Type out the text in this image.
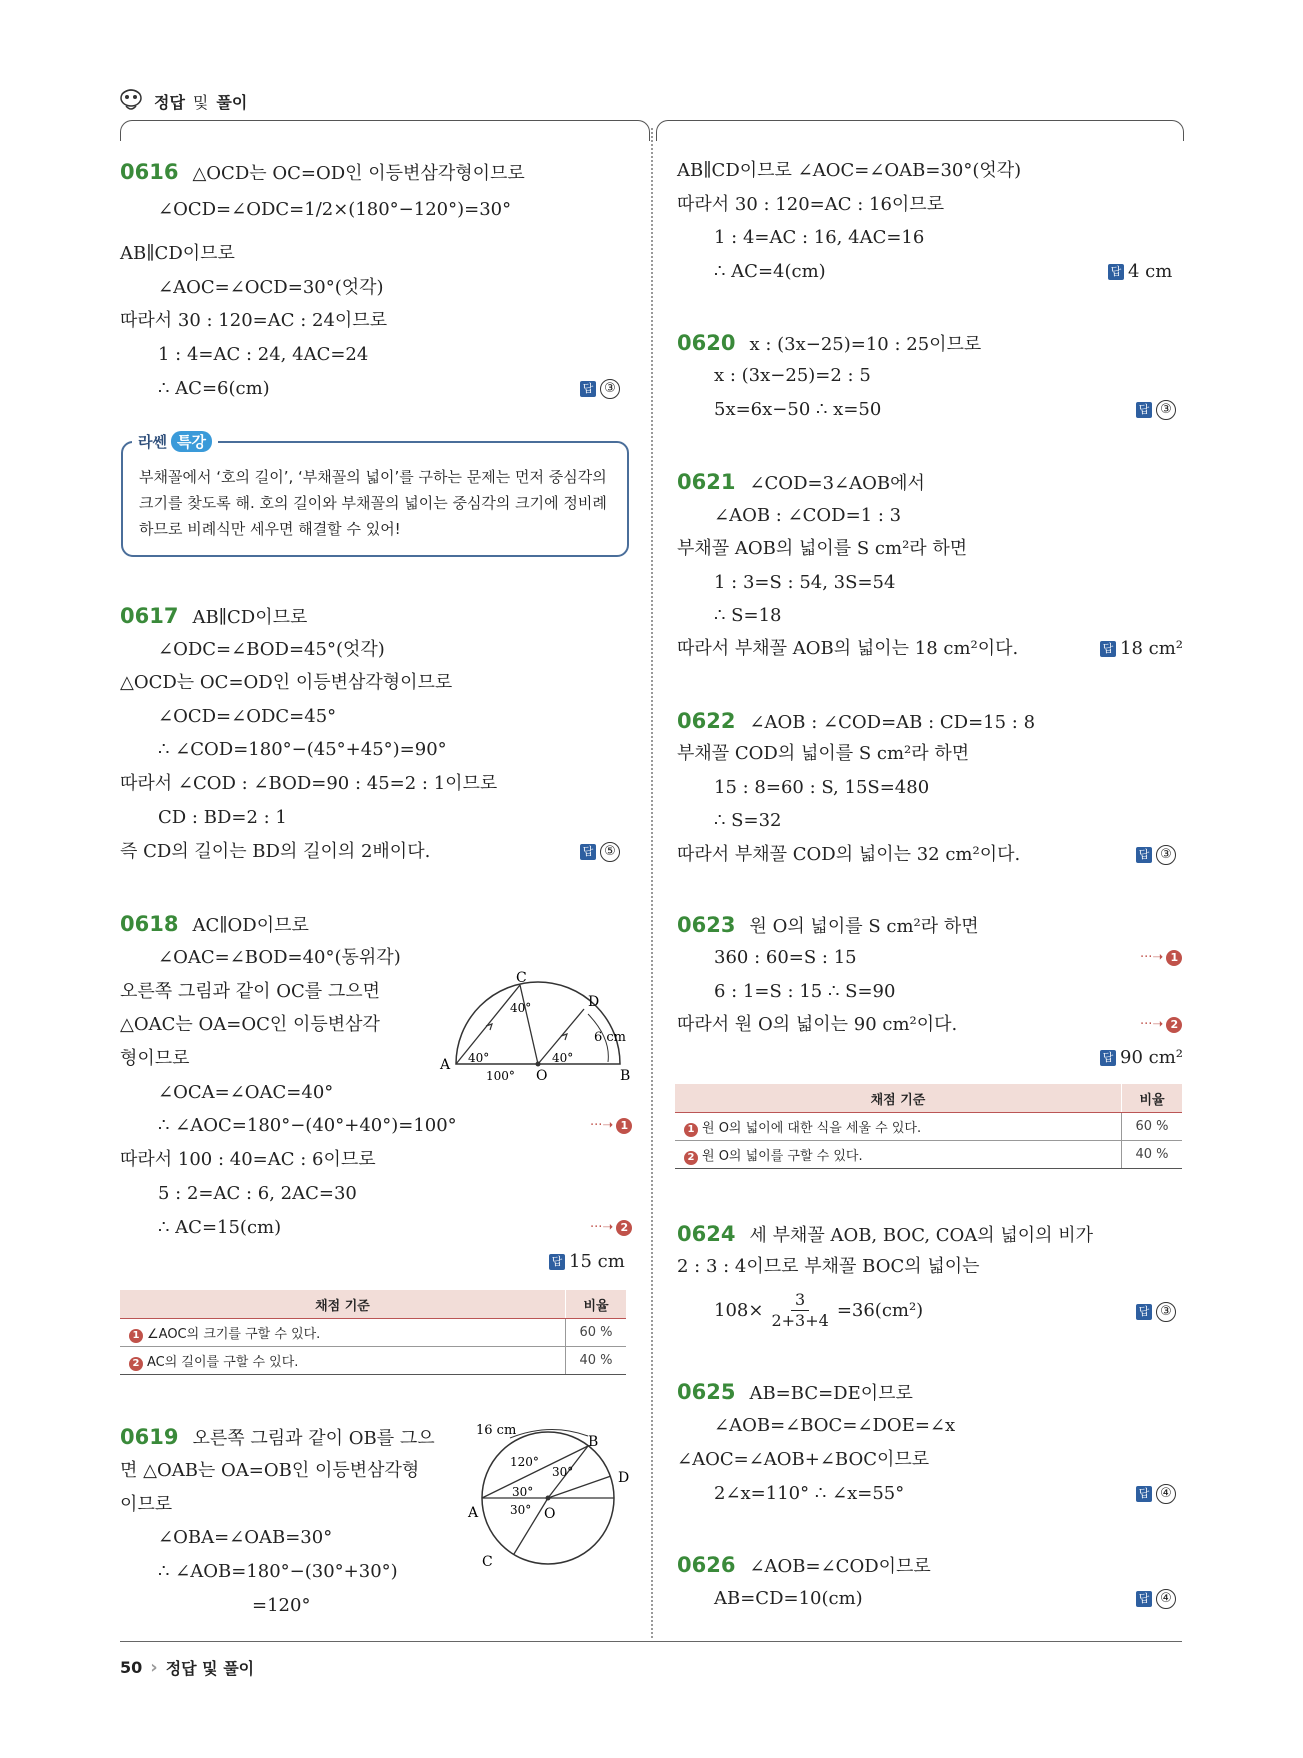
정답 및 풀이
0616 △OCD는 OC=OD인 이등변삼각형이므로
∠OCD=∠ODC=1/2×(180°−120°)=30°
AB∥CD이므로
∠AOC=∠OCD=30°(엇각)
따라서 30 : 120=AC : 24이므로
1 : 4=AC : 24, 4AC=24
∴ AC=6(cm)	답 ③
라쎈 특강
부채꼴에서 ‘호의 길이’, ‘부채꼴의 넓이’를 구하는 문제는 먼저 중심각의 크기를 찾도록 해. 호의 길이와 부채꼴의 넓이는 중심각의 크기에 정비례하므로 비례식만 세우면 해결할 수 있어!
0617 AB∥CD이므로
∠ODC=∠BOD=45°(엇각)
△OCD는 OC=OD인 이등변삼각형이므로
∠OCD=∠ODC=45°
∴ ∠COD=180°−(45°+45°)=90°
따라서 ∠COD : ∠BOD=90 : 45=2 : 1이므로
CD : BD=2 : 1
즉 CD의 길이는 BD의 길이의 2배이다.	답 ⑤
0618 AC∥OD이므로
∠OAC=∠BOD=40°(동위각)
오른쪽 그림과 같이 OC를 그으면
△OAC는 OA=OC인 이등변삼각
형이므로
∠OCA=∠OAC=40°
∴ ∠AOC=180°−(40°+40°)=100°	···➝ 1
따라서 100 : 40=AC : 6이므로
5 : 2=AC : 6, 2AC=30
∴ AC=15(cm)	···➝ 2
답 15 cm
A
B
C
D
O
40°
40°
40°
100°
6 cm
채점 기준	비율
1 ∠AOC의 크기를 구할 수 있다.	60 %
2 AC의 길이를 구할 수 있다.	40 %
0619 오른쪽 그림과 같이 OB를 그으
면 △OAB는 OA=OB인 이등변삼각형
이므로
∠OBA=∠OAB=30°
∴ ∠AOB=180°−(30°+30°)
=120°
16 cm
A
B
C
D
O
120°
30°
30°
30°
AB∥CD이므로 ∠AOC=∠OAB=30°(엇각)
따라서 30 : 120=AC : 16이므로
1 : 4=AC : 16, 4AC=16
∴ AC=4(cm)	답 4 cm
0620 x : (3x−25)=10 : 25이므로
x : (3x−25)=2 : 5
5x=6x−50 ∴ x=50	답 ③
0621 ∠COD=3∠AOB에서
∠AOB : ∠COD=1 : 3
부채꼴 AOB의 넓이를 S cm²라 하면
1 : 3=S : 54, 3S=54
∴ S=18
따라서 부채꼴 AOB의 넓이는 18 cm²이다.	답 18 cm²
0622 ∠AOB : ∠COD=AB : CD=15 : 8
부채꼴 COD의 넓이를 S cm²라 하면
15 : 8=60 : S, 15S=480
∴ S=32
따라서 부채꼴 COD의 넓이는 32 cm²이다.	답 ③
0623 원 O의 넓이를 S cm²라 하면
360 : 60=S : 15	···➝ 1
6 : 1=S : 15 ∴ S=90
따라서 원 O의 넓이는 90 cm²이다.	···➝ 2
답 90 cm²
채점 기준	비율
1 원 O의 넓이에 대한 식을 세울 수 있다.	60 %
2 원 O의 넓이를 구할 수 있다.	40 %
0624 세 부채꼴 AOB, BOC, COA의 넓이의 비가
2 : 3 : 4이므로 부채꼴 BOC의 넓이는
$108\times \frac{3}{2+3+4} =36(cm^2)$	답 ③
0625 AB=BC=DE이므로
∠AOB=∠BOC=∠DOE=∠x
∠AOC=∠AOB+∠BOC이므로
2∠x=110° ∴ ∠x=55°	답 ④
0626 ∠AOB=∠COD이므로
AB=CD=10(cm)	답 ④
50 › 정답 및 풀이
